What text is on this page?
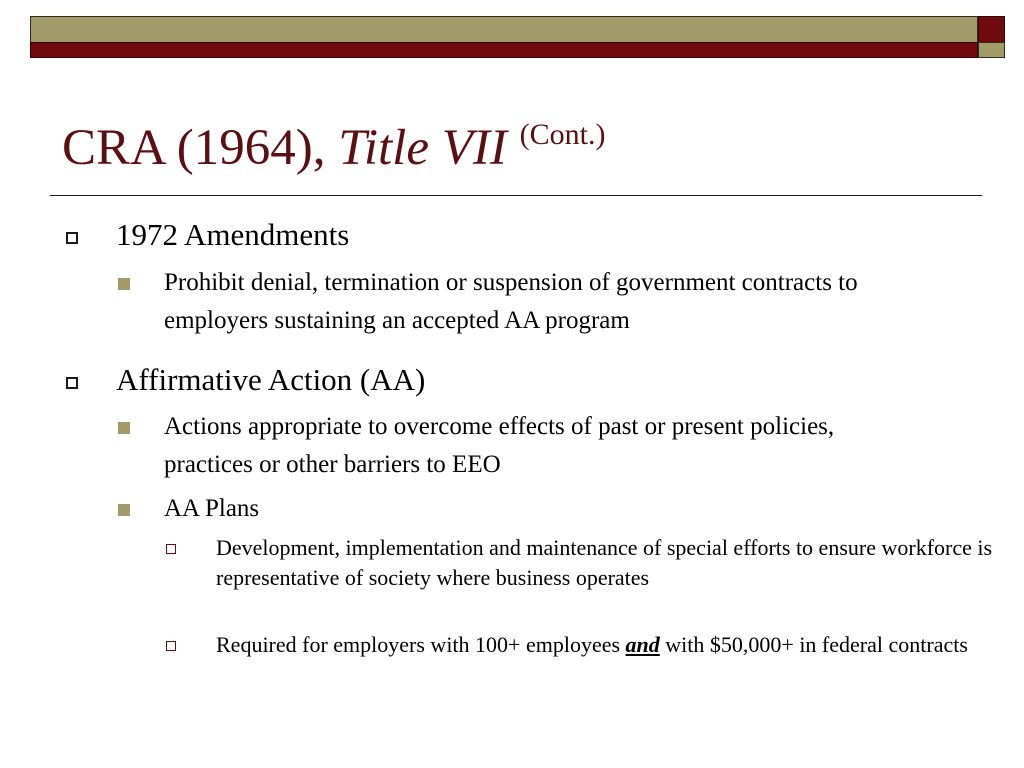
CRA (1964), Title VII $^{(Cont.)}$
1972 Amendments
Prohibit denial, termination or suspension of government contracts to employers sustaining an accepted AA program
Affirmative Action (AA)
Actions appropriate to overcome effects of past or present policies, practices or other barriers to EEO
AA Plans
Development, implementation and maintenance of special efforts to ensure workforce is representative of society where business operates
Required for employers with 100+ employees and with $50,000+ in federal contracts
